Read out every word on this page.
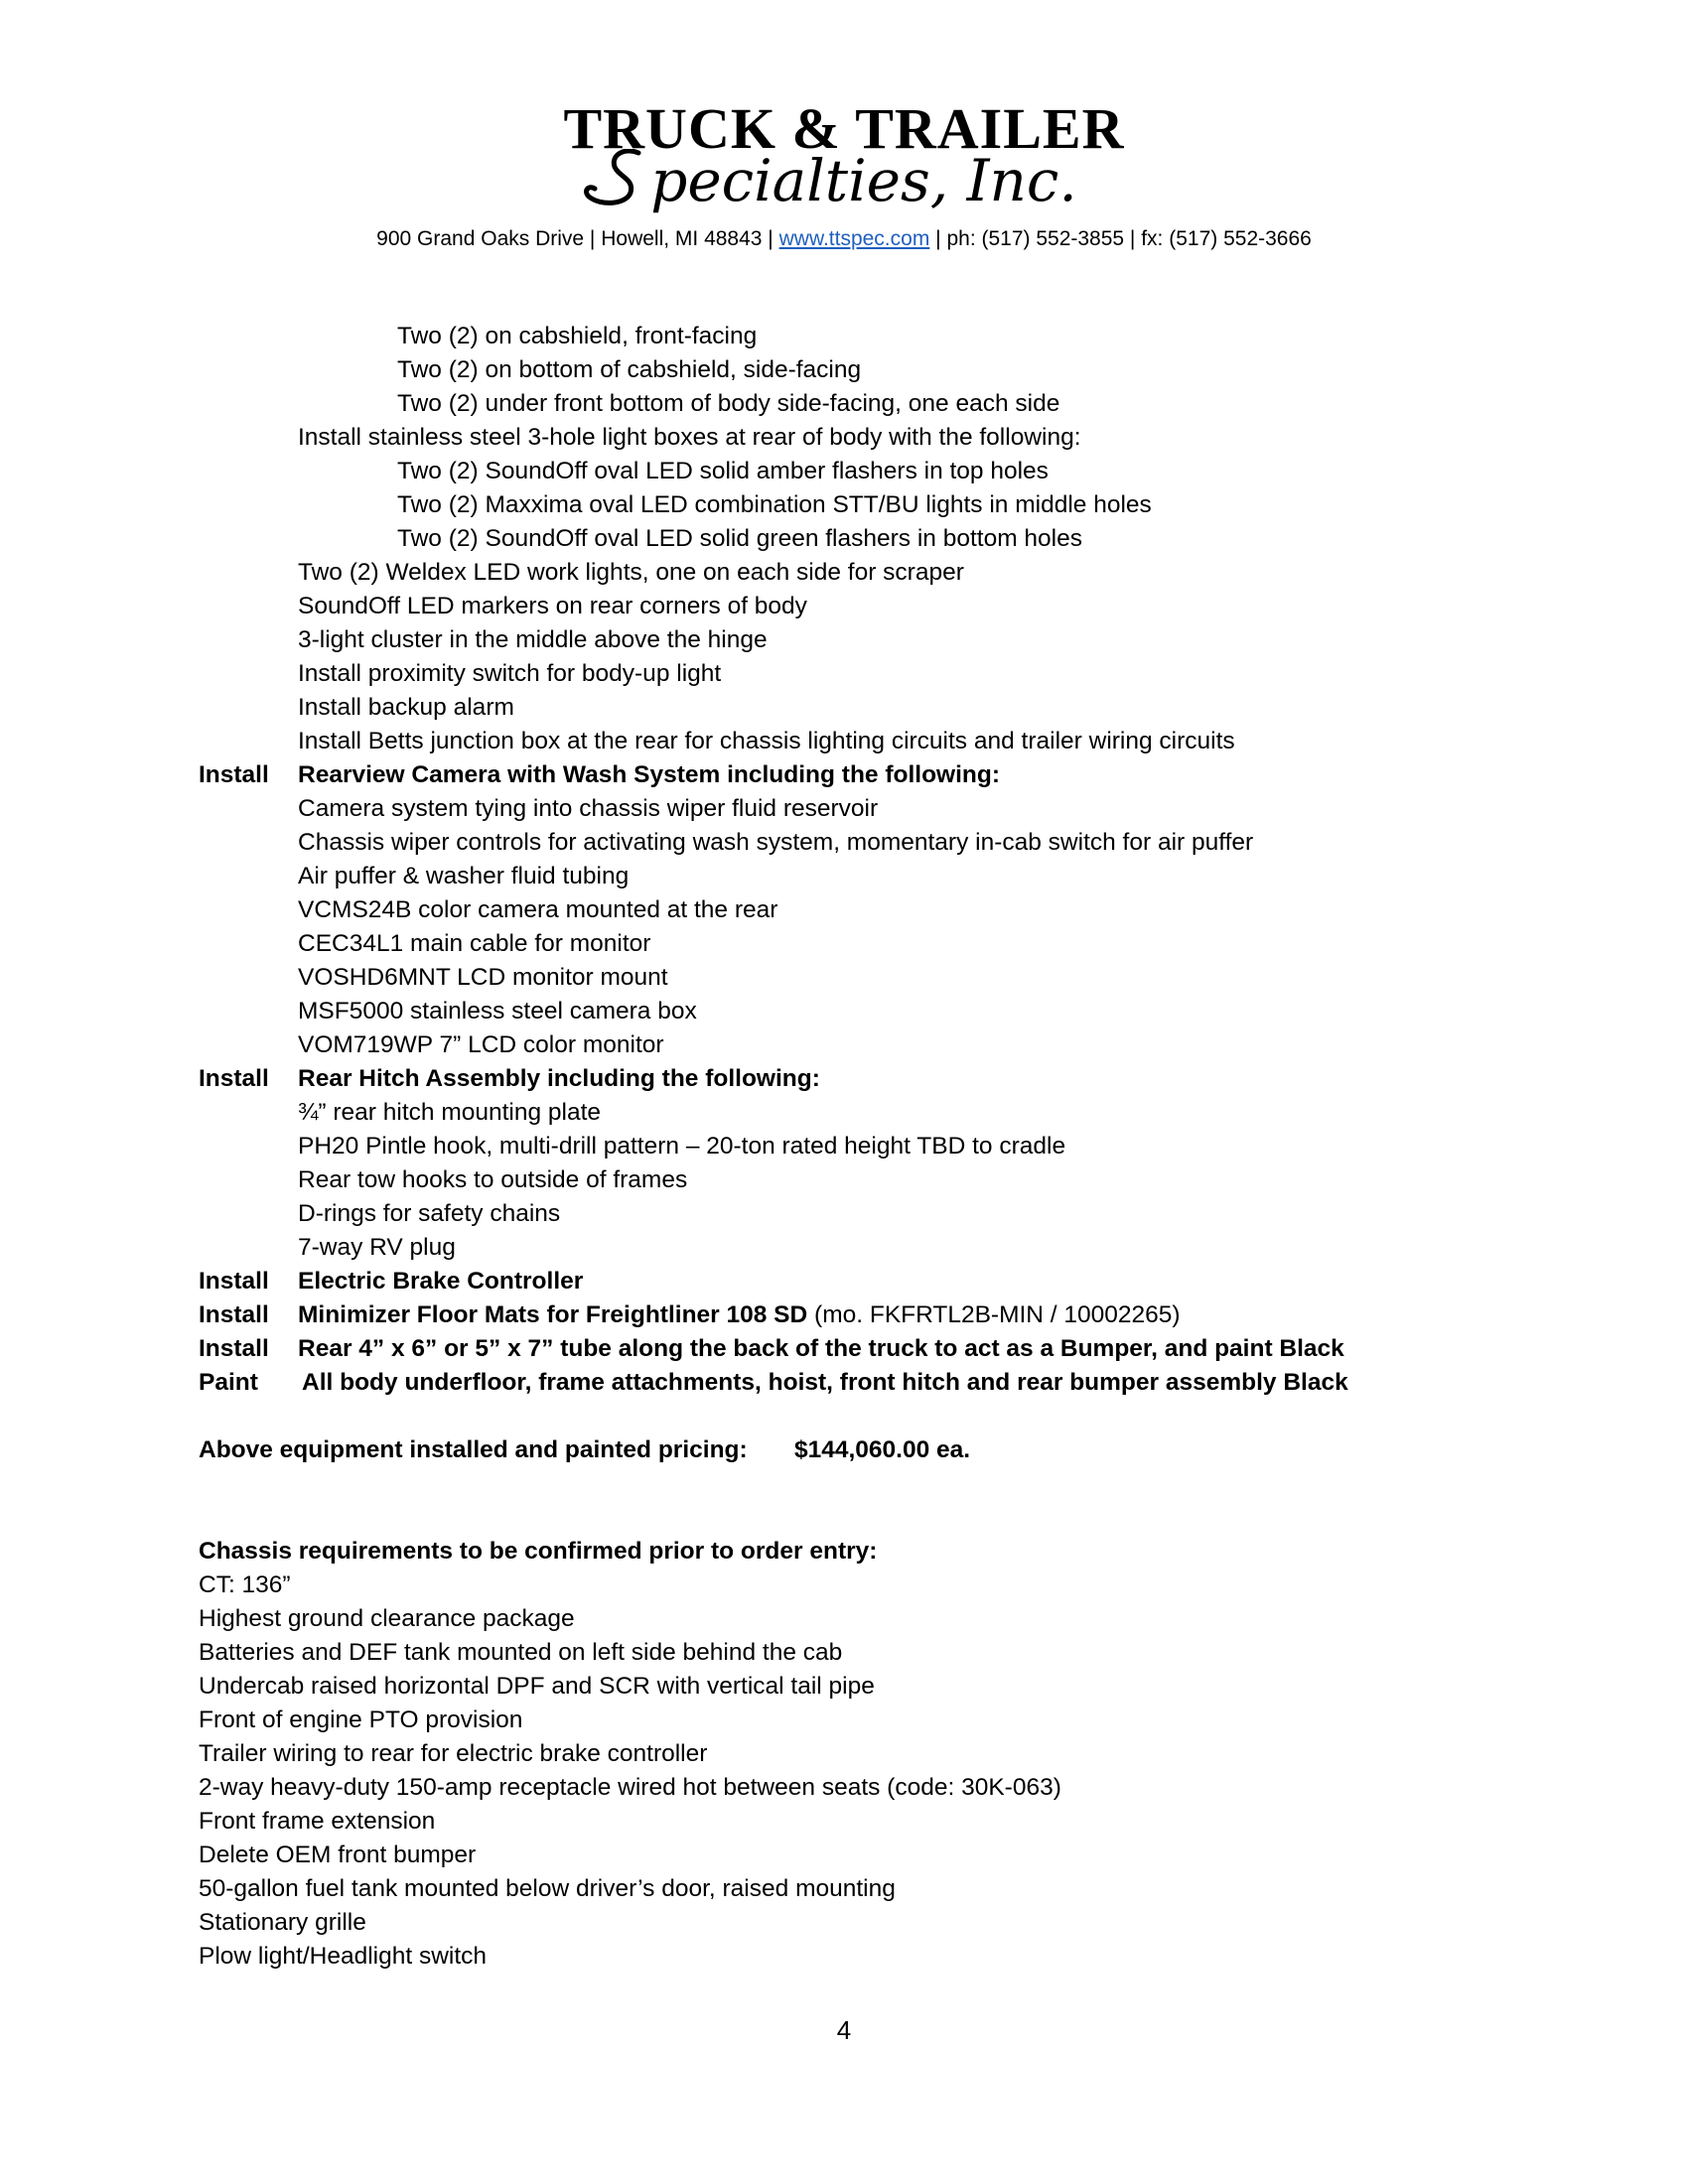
TRUCK & TRAILER
pecialties, Inc.
900 Grand Oaks Drive | Howell, MI 48843 | www.ttspec.com | ph: (517) 552-3855 | fx: (517) 552-3666
Two (2) on cabshield, front-facing
Two (2) on bottom of cabshield, side-facing
Two (2) under front bottom of body side-facing, one each side
Install stainless steel 3-hole light boxes at rear of body with the following:
Two (2) SoundOff oval LED solid amber flashers in top holes
Two (2) Maxxima oval LED combination STT/BU lights in middle holes
Two (2) SoundOff oval LED solid green flashers in bottom holes
Two (2) Weldex LED work lights, one on each side for scraper
SoundOff LED markers on rear corners of body
3-light cluster in the middle above the hinge
Install proximity switch for body-up light
Install backup alarm
Install Betts junction box at the rear for chassis lighting circuits and trailer wiring circuits
Install Rearview Camera with Wash System including the following:
Camera system tying into chassis wiper fluid reservoir
Chassis wiper controls for activating wash system, momentary in-cab switch for air puffer
Air puffer & washer fluid tubing
VCMS24B color camera mounted at the rear
CEC34L1 main cable for monitor
VOSHD6MNT LCD monitor mount
MSF5000 stainless steel camera box
VOM719WP 7” LCD color monitor
Install Rear Hitch Assembly including the following:
¾” rear hitch mounting plate
PH20 Pintle hook, multi-drill pattern – 20-ton rated height TBD to cradle
Rear tow hooks to outside of frames
D-rings for safety chains
7-way RV plug
Install Electric Brake Controller
Install Minimizer Floor Mats for Freightliner 108 SD (mo. FKFRTL2B-MIN / 10002265)
Install Rear 4” x 6” or 5” x 7” tube along the back of the truck to act as a Bumper, and paint Black
Paint All body underfloor, frame attachments, hoist, front hitch and rear bumper assembly Black
Above equipment installed and painted pricing: $144,060.00 ea.
Chassis requirements to be confirmed prior to order entry:
CT: 136”
Highest ground clearance package
Batteries and DEF tank mounted on left side behind the cab
Undercab raised horizontal DPF and SCR with vertical tail pipe
Front of engine PTO provision
Trailer wiring to rear for electric brake controller
2-way heavy-duty 150-amp receptacle wired hot between seats (code: 30K-063)
Front frame extension
Delete OEM front bumper
50-gallon fuel tank mounted below driver’s door, raised mounting
Stationary grille
Plow light/Headlight switch
4
